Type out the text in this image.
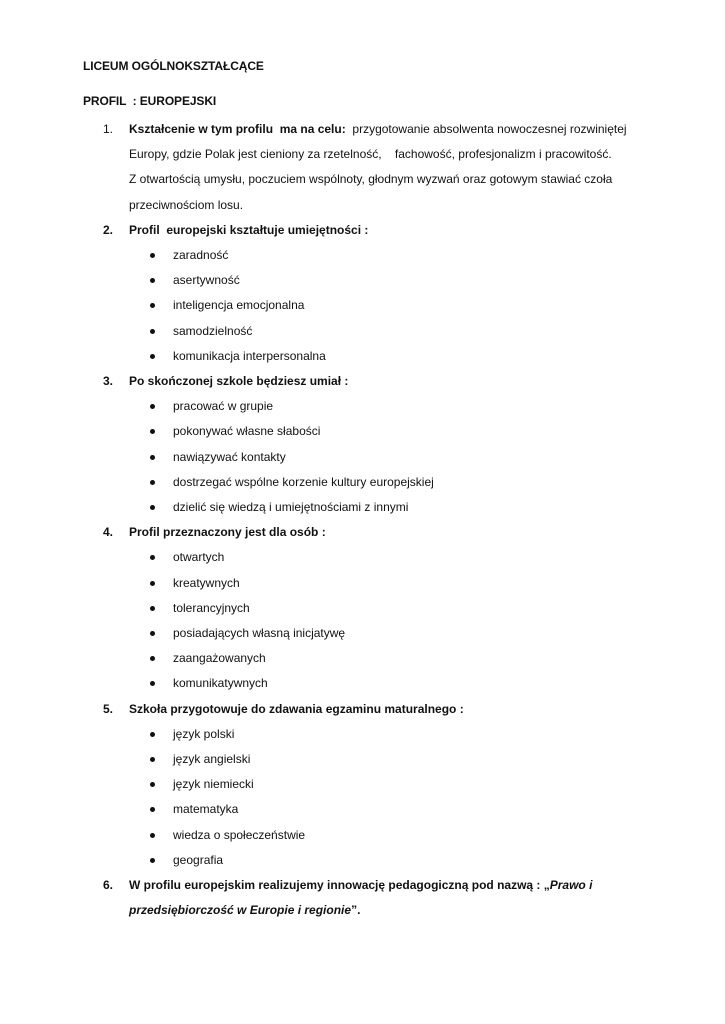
LICEUM OGÓLNOKSZTAŁCĄCE
PROFIL  : EUROPEJSKI
1. Kształcenie w tym profilu  ma na celu: przygotowanie absolwenta nowoczesnej rozwiniętej
Europy, gdzie Polak jest cieniony za rzetelność,    fachowość, profesjonalizm i pracowitość.
Z otwartością umysłu, poczuciem wspólnoty, głodnym wyzwań oraz gotowym stawiać czoła
przeciwnościom losu.
2. Profil  europejski kształtuje umiejętności :
zaradność
asertywność
inteligencja emocjonalna
samodzielność
komunikacja interpersonalna
3. Po skończonej szkole będziesz umiał :
pracować w grupie
pokonywać własne słabości
nawiązywać kontakty
dostrzegać wspólne korzenie kultury europejskiej
dzielić się wiedzą i umiejętnościami z innymi
4. Profil przeznaczony jest dla osób :
otwartych
kreatywnych
tolerancyjnych
posiadających własną inicjatywę
zaangażowanych
komunikatywnych
5. Szkoła przygotowuje do zdawania egzaminu maturalnego :
język polski
język angielski
język niemiecki
matematyka
wiedza o społeczeństwie
geografia
6. W profilu europejskim realizujemy innowację pedagogiczną pod nazwą : „Prawo i
przedsiębiorczość w Europie i regionie”.
